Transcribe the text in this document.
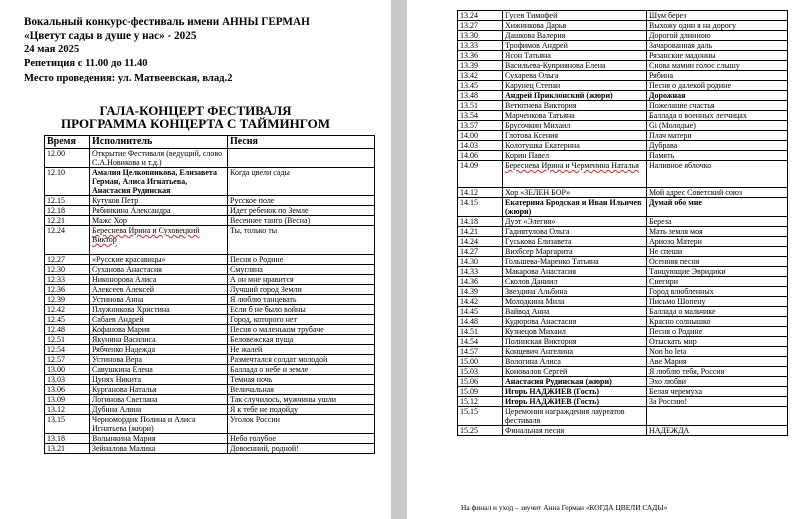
Вокальный конкурс-фестиваль имени АННЫ ГЕРМАН
«Цветут сады в душе у нас» - 2025
24 мая 2025
Репетиция с 11.00 до 11.40
Место проведения: ул. Матвеевская, влад.2
ГАЛА-КОНЦЕРТ ФЕСТИВАЛЯ
ПРОГРАММА КОНЦЕРТА С ТАЙМИНГОМ
Время	Исполнитель	Песня
12.00	Открытие Фестиваля (ведущий, слово С.А.Новикова и т.д.)	
12.10	Амалия Целковникова, Елизавета Герман, Алиса Игнатьева, Анастасия Рудинская	Когда цвели сады
12.15	Кутуков Петр	Русское поле
12.18	Рябинкина Александра	Идет ребенок по Земле
12.21	Мажс Хор	Весеннее танго (Весна)
12.24	Береснева Ирина и Суховецкий Виктор	Ты, только ты
12.27	«Русские красавицы»	Песня о Родине
12.30	Суханова Анастасия	Смугляна
12.33	Никонорова Алиса	А он мне нравится
12.36	Алексеев Алексей	Лучший город Земли
12.39	Устинова Анна	Я люблю танцевать
12.42	Плужникова Христина	Если б не было войны
12.45	Сабаев Андрей	Город, которого нет
12.48	Кофанова Мария	Песня о маленьком трубаче
12.51	Якунина Василиса	Беловежская пуща
12.54	Рябченко Надежда	Не жалей
12.57	Устинова Вера	Размечтался солдат молодой
13.00	Савушкина Елена	Баллада о небе и земле
13.03	Цунях Никита	Темная ночь
13.06	Курганова Наталья	Величальная
13.09	Логинова Светлана	Так случилось, мужчины ушли
13.12	Дубина Алина	Я к тебе не подойду
13.15	Черномордик Полина и Алиса Игнатьева (жюри)	Уголок России
13.18	Волынкина Мария	Небо голубое
13.21	Зейналова Малика	Довоєнний, родной!
13.24	Гусев Тимофей	Шум берез
13.27	Хижинкова Дарья	Выхожу один я на дорогу
13.30	Дашкова Валерия	Дорогой длинною
13.33	Трофимов Андрей	Зачарованная даль
13.36	Ясон Татьяна	Рязанские мадонны
13.39	Васильева-Куприянова Елена	Снова мамин голос слышу
13.42	Сухарева Ольга	Рябина
13.45	Карунец Степан	Песня о далекой родине
13.48	Андрей Приклонский (жюри)	Дорожная
13.51	Ветютнева Виктория	Пожелание счастья
13.54	Марченкова Татьяна	Баллада о военных летчицах
13.57	Брусочкин Михаил	Gi (Молодые)
14.00	Глотова Ксения	Плач матери
14.03	Колотушка Екатерина	Дубрава
14.06	Корин Павел	Память
14.09	Береснева Ирина и Черменина Наталья	Наливное яблочко
14.12	Хор «ЗЕЛЕН БОР»	Мой адрес Советский союз
14.15	Екатерина Бродская и Иван Ильичев (жюри)	Думай обо мне
14.18	Дуэт «Элегия»	Береза
14.21	Гадиятулова Ольга	Мать земля моя
14.24	Гуськова Елизавета	Ариозо Матери
14.27	Вихбсер Маргарита	Не спеши
14.30	Гольшева-Маренко Татьяна	Осенняя песня
14.33	Макарова Анастасия	Танцующие Эвридики
14.36	Сколов Даниил	Снегири
14.39	Звездина Альбина	Город влюбленных
14.42	Молодкина Мила	Письмо Шопену
14.45	Вайвод Анна	Баллада о мальчике
14.48	Кудюрова Анастасия	Красно солнышко
14.51	Кузнецов Михаил	Песня о Родине
14.54	Полинская Виктория	Отыскать мир
14.57	Концевич Ангелина	Non ho leta
15.00	Вологина Алиса	Аве Мария
15.03	Коновалов Сергей	Я люблю тебя, Россия
15.06	Анастасия Рудинская (жюри)	Эхо любви
15.09	Игорь НАДЖИЕВ (Гость)	Белая черемуха
15.12	Игорь НАДЖИЕВ (Гость)	За Россию!
15.15	Церемония награждения лауреатов фестиваля	
15.25	Финальная песня	НАДЕЖДА
На финал и уход – звучит Анна Герман «КОГДА ЦВЕЛИ САДЫ»
